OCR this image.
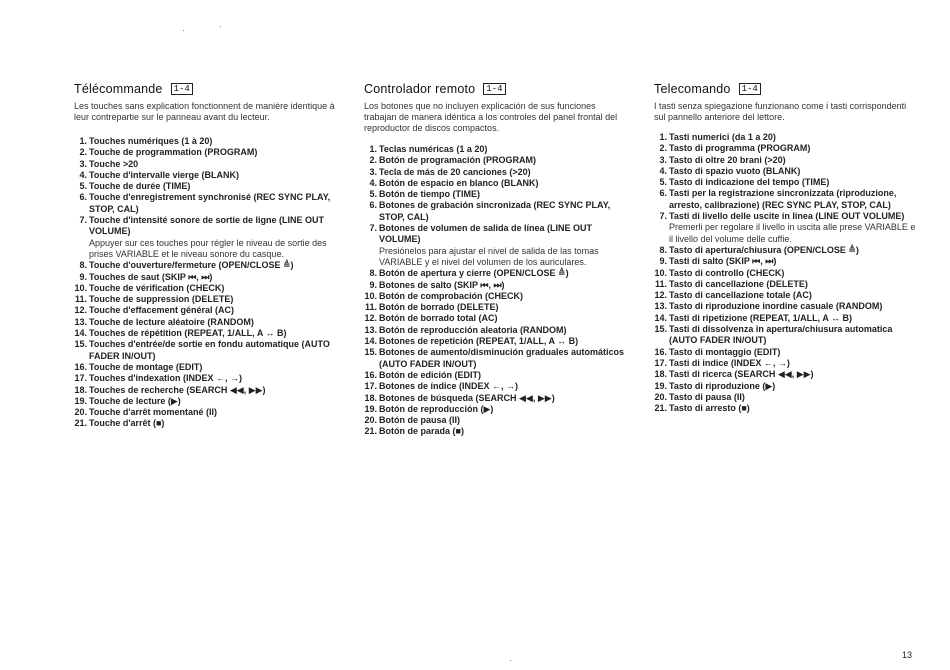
Télécommande	1-4
Les touches sans explication fonctionnent de manière identique à leur contrepartie sur le panneau avant du lecteur.
1. Touches numériques (1 à 20)
2. Touche de programmation (PROGRAM)
3. Touche >20
4. Touche d'intervalle vierge (BLANK)
5. Touche de durée (TIME)
6. Touche d'enregistrement synchronisé (REC SYNC PLAY, STOP, CAL)
7. Touche d'intensité sonore de sortie de ligne (LINE OUT VOLUME)
Appuyer sur ces touches pour régler le niveau de sortie des prises VARIABLE et le niveau sonore du casque.
8. Touche d'ouverture/fermeture (OPEN/CLOSE ≜)
9. Touches de saut (SKIP ⏮, ⏭)
10. Touche de vérification (CHECK)
11. Touche de suppression (DELETE)
12. Touche d'effacement général (AC)
13. Touche de lecture aléatoire (RANDOM)
14. Touches de répétition (REPEAT, 1/ALL, A ↔ B)
15. Touches d'entrée/de sortie en fondu automatique (AUTO FADER IN/OUT)
16. Touche de montage (EDIT)
17. Touches d'indexation (INDEX ←, →)
18. Touches de recherche (SEARCH ◀◀, ▶▶)
19. Touche de lecture (▶)
20. Touche d'arrêt momentané (II)
21. Touche d'arrêt (■)
Controlador remoto	1-4
Los botones que no incluyen explicación de sus funciones trabajan de manera idéntica a los controles del panel frontal del reproductor de discos compactos.
1. Teclas numéricas (1 a 20)
2. Botón de programación (PROGRAM)
3. Tecla de más de 20 canciones (>20)
4. Botón de espacio en blanco (BLANK)
5. Botón de tiempo (TIME)
6. Botones de grabación sincronizada (REC SYNC PLAY, STOP, CAL)
7. Botones de volumen de salida de línea (LINE OUT VOLUME)
Presiónelos para ajustar el nivel de salida de las tomas VARIABLE y el nivel del volumen de los auriculares.
8. Botón de apertura y cierre (OPEN/CLOSE ≜)
9. Botones de salto (SKIP ⏮, ⏭)
10. Botón de comprobación (CHECK)
11. Botón de borrado (DELETE)
12. Botón de borrado total (AC)
13. Botón de reproducción aleatoria (RANDOM)
14. Botones de repetición (REPEAT, 1/ALL, A ↔ B)
15. Botones de aumento/disminución graduales automáticos (AUTO FADER IN/OUT)
16. Botón de edición (EDIT)
17. Botones de índice (INDEX ←, →)
18. Botones de búsqueda (SEARCH ◀◀, ▶▶)
19. Botón de reproducción (▶)
20. Botón de pausa (II)
21. Botón de parada (■)
Telecomando	1-4
I tasti senza spiegazione funzionano come i tasti corrispondenti sul pannello anteriore del lettore.
1. Tasti numerici (da 1 a 20)
2. Tasto di programma (PROGRAM)
3. Tasto di oltre 20 brani (>20)
4. Tasto di spazio vuoto (BLANK)
5. Tasto di indicazione del tempo (TIME)
6. Tasti per la registrazione sincronizzata (riproduzione, arresto, calibrazione) (REC SYNC PLAY, STOP, CAL)
7. Tasti di livello delle uscite in linea (LINE OUT VOLUME)
Premerli per regolare il livello in uscita alle prese VARIABLE e il livello del volume delle cuffie.
8. Tasto di apertura/chiusura (OPEN/CLOSE ≜)
9. Tasti di salto (SKIP ⏮, ⏭)
10. Tasto di controllo (CHECK)
11. Tasto di cancellazione (DELETE)
12. Tasto di cancellazione totale (AC)
13. Tasto di riproduzione inordine casuale (RANDOM)
14. Tasti di ripetizione (REPEAT, 1/ALL, A ↔ B)
15. Tasti di dissolvenza in apertura/chiusura automatica (AUTO FADER IN/OUT)
16. Tasto di montaggio (EDIT)
17. Tasti di indice (INDEX ←, →)
18. Tasti di ricerca (SEARCH ◀◀, ▶▶)
19. Tasto di riproduzione (▶)
20. Tasto di pausa (II)
21. Tasto di arresto (■)
13
